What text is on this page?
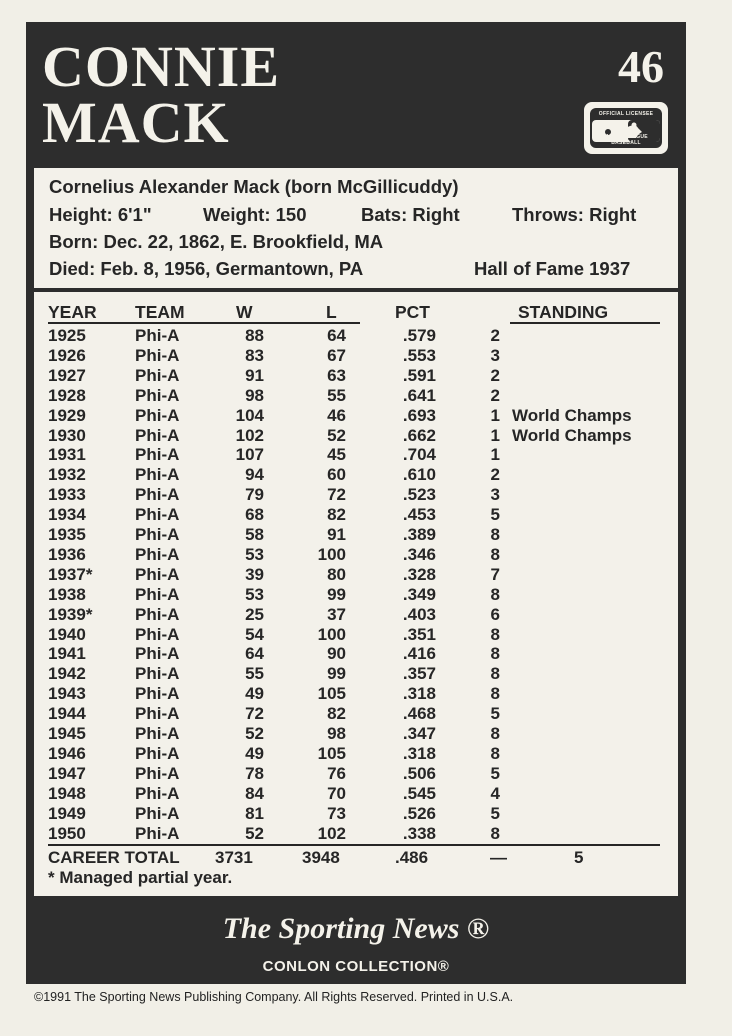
CONNIE
MACK
46
OFFICIAL LICENSEE
MAJOR LEAGUE BASEBALL
Cornelius Alexander Mack (born McGillicuddy)
Height: 6'1"	Weight: 150	Bats: Right	Throws: Right
Born: Dec. 22, 1862, E. Brookfield, MA
Died: Feb. 8, 1956, Germantown, PA	Hall of Fame 1937
YEAR TEAM	W	L	PCT	STANDING
1925	Phi-A	88	64	.579	2
1926	Phi-A	83	67	.553	3
1927	Phi-A	91	63	.591	2
1928	Phi-A	98	55	.641	2
1929	Phi-A	104	46	.693	1 World Champs
1930	Phi-A	102	52	.662	1 World Champs
1931	Phi-A	107	45	.704	1
1932	Phi-A	94	60	.610	2
1933	Phi-A	79	72	.523	3
1934	Phi-A	68	82	.453	5
1935	Phi-A	58	91	.389	8
1936	Phi-A	53	100	.346	8
1937*	Phi-A	39	80	.328	7
1938	Phi-A	53	99	.349	8
1939*	Phi-A	25	37	.403	6
1940	Phi-A	54	100	.351	8
1941	Phi-A	64	90	.416	8
1942	Phi-A	55	99	.357	8
1943	Phi-A	49	105	.318	8
1944	Phi-A	72	82	.468	5
1945	Phi-A	52	98	.347	8
1946	Phi-A	49	105	.318	8
1947	Phi-A	78	76	.506	5
1948	Phi-A	84	70	.545	4
1949	Phi-A	81	73	.526	5
1950	Phi-A	52	102	.338	8
CAREER TOTAL 3731	3948	.486	—	5
* Managed partial year.
The Sporting News ®
CONLON COLLECTION®
©1991 The Sporting News Publishing Company. All Rights Reserved. Printed in U.S.A.
